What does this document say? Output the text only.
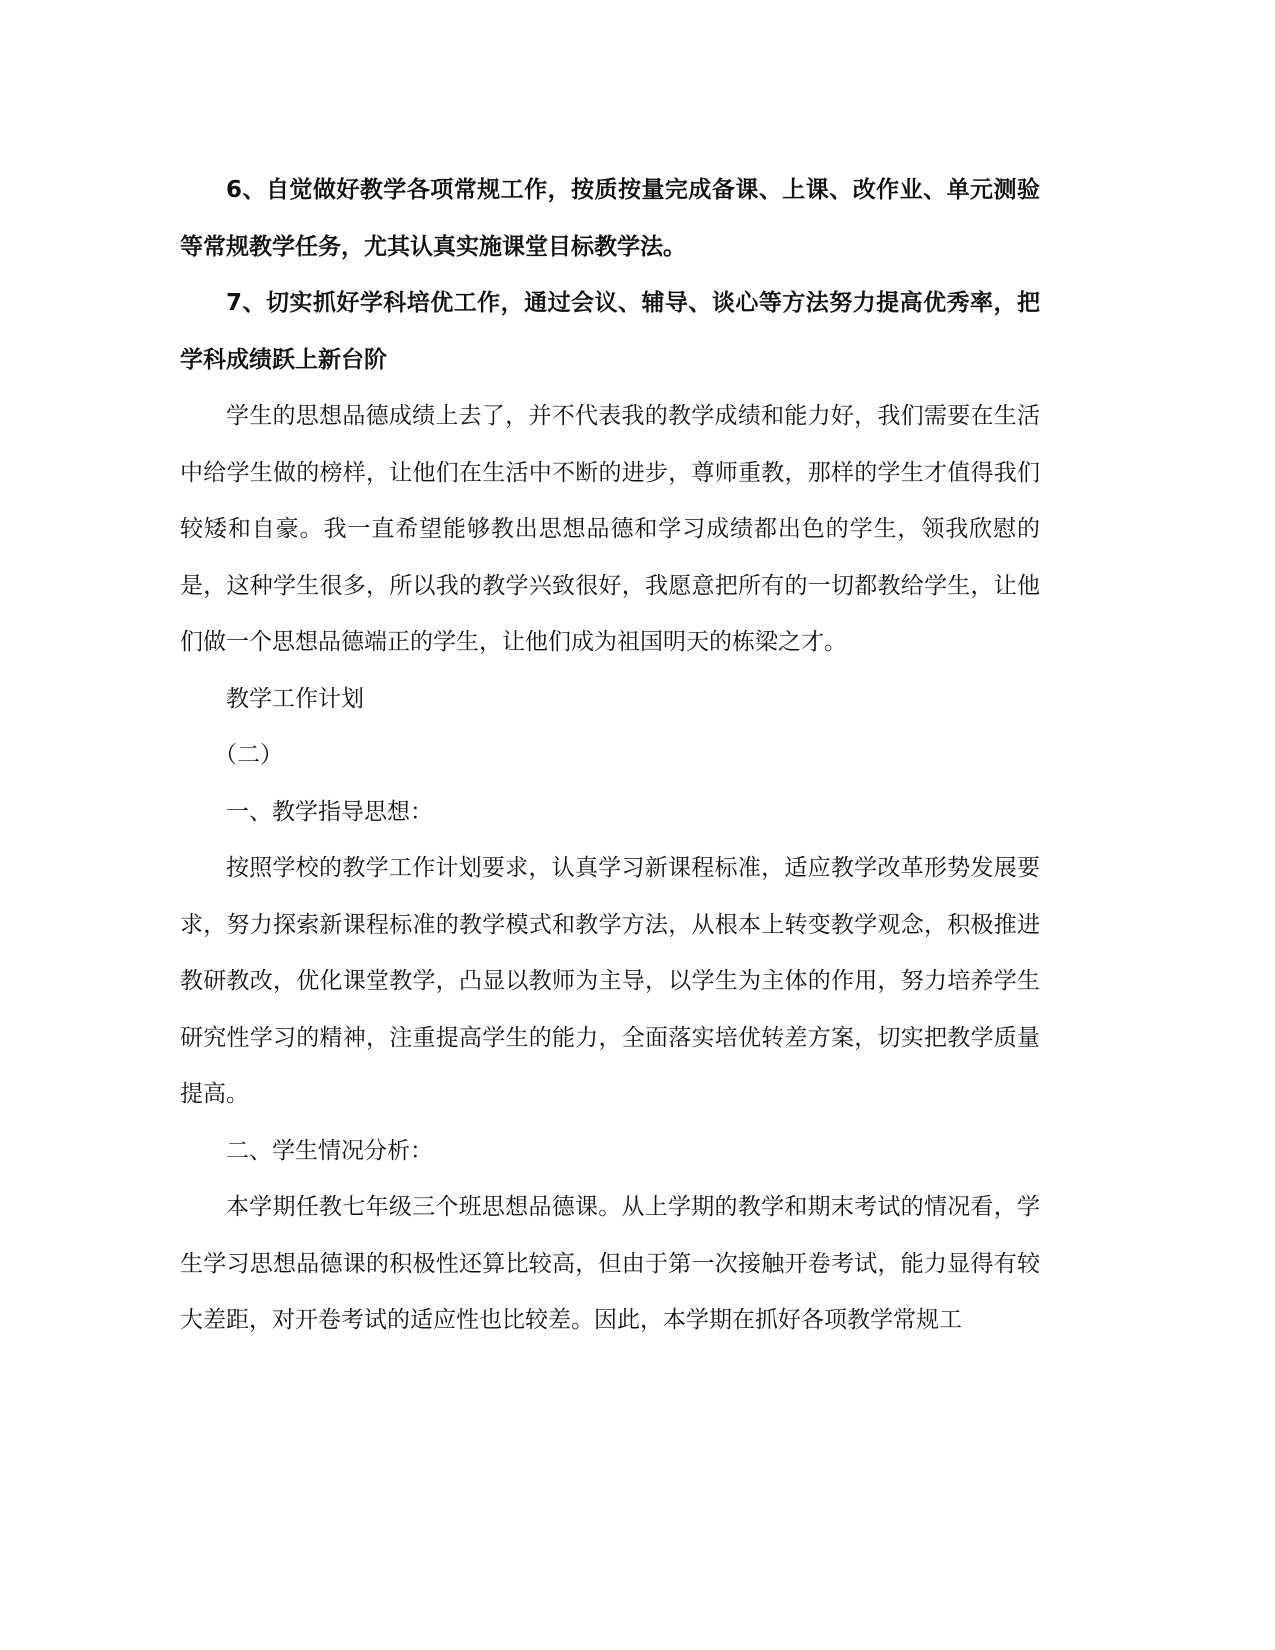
6、自觉做好教学各项常规工作，按质按量完成备课、上课、改作业、单元测验等常规教学任务，尤其认真实施课堂目标教学法。

7、切实抓好学科培优工作，通过会议、辅导、谈心等方法努力提高优秀率，把学科成绩跃上新台阶

学生的思想品德成绩上去了，并不代表我的教学成绩和能力好，我们需要在生活中给学生做的榜样，让他们在生活中不断的进步，尊师重教，那样的学生才值得我们较矮和自豪。我一直希望能够教出思想品德和学习成绩都出色的学生，领我欣慰的是，这种学生很多，所以我的教学兴致很好，我愿意把所有的一切都教给学生，让他们做一个思想品德端正的学生，让他们成为祖国明天的栋梁之才。

教学工作计划

（二）

一、教学指导思想：

按照学校的教学工作计划要求，认真学习新课程标准，适应教学改革形势发展要求，努力探索新课程标准的教学模式和教学方法，从根本上转变教学观念，积极推进教研教改，优化课堂教学，凸显以教师为主导，以学生为主体的作用，努力培养学生研究性学习的精神，注重提高学生的能力，全面落实培优转差方案，切实把教学质量提高。

二、学生情况分析：

本学期任教七年级三个班思想品德课。从上学期的教学和期末考试的情况看，学生学习思想品德课的积极性还算比较高，但由于第一次接触开卷考试，能力显得有较大差距，对开卷考试的适应性也比较差。因此，本学期在抓好各项教学常规工
